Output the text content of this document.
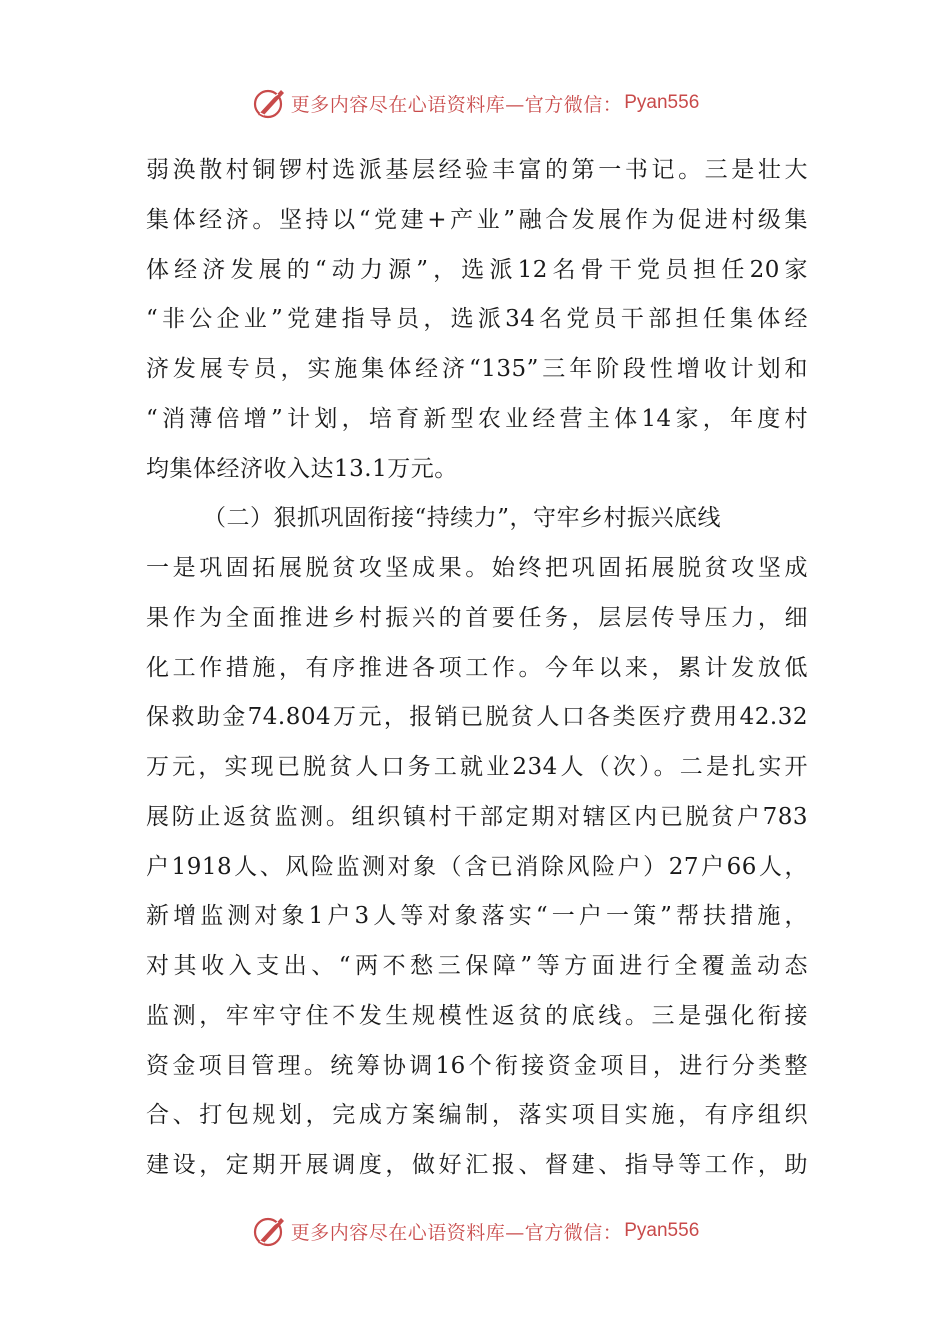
更多内容尽在心语资料库—官方微信： Pyan556
弱涣散村铜锣村选派基层经验丰富的第一书记。三是壮大
集体经济。坚持以“党建+产业”融合发展作为促进村级集
体经济发展的“动力源”，选派12名骨干党员担任20家
“非公企业”党建指导员，选派34名党员干部担任集体经
济发展专员，实施集体经济“135”三年阶段性增收计划和
“消薄倍增”计划，培育新型农业经营主体14家，年度村
均集体经济收入达13.1万元。
（二）狠抓巩固衔接“持续力”，守牢乡村振兴底线
一是巩固拓展脱贫攻坚成果。始终把巩固拓展脱贫攻坚成
果作为全面推进乡村振兴的首要任务，层层传导压力，细
化工作措施，有序推进各项工作。今年以来，累计发放低
保救助金74.804万元，报销已脱贫人口各类医疗费用42.32
万元，实现已脱贫人口务工就业234人（次）。二是扎实开
展防止返贫监测。组织镇村干部定期对辖区内已脱贫户783
户1918人、风险监测对象（含已消除风险户）27户66人，
新增监测对象1户3人等对象落实“一户一策”帮扶措施，
对其收入支出、“两不愁三保障”等方面进行全覆盖动态
监测，牢牢守住不发生规模性返贫的底线。三是强化衔接
资金项目管理。统筹协调16个衔接资金项目，进行分类整
合、打包规划，完成方案编制，落实项目实施，有序组织
建设，定期开展调度，做好汇报、督建、指导等工作，助
更多内容尽在心语资料库—官方微信： Pyan556
